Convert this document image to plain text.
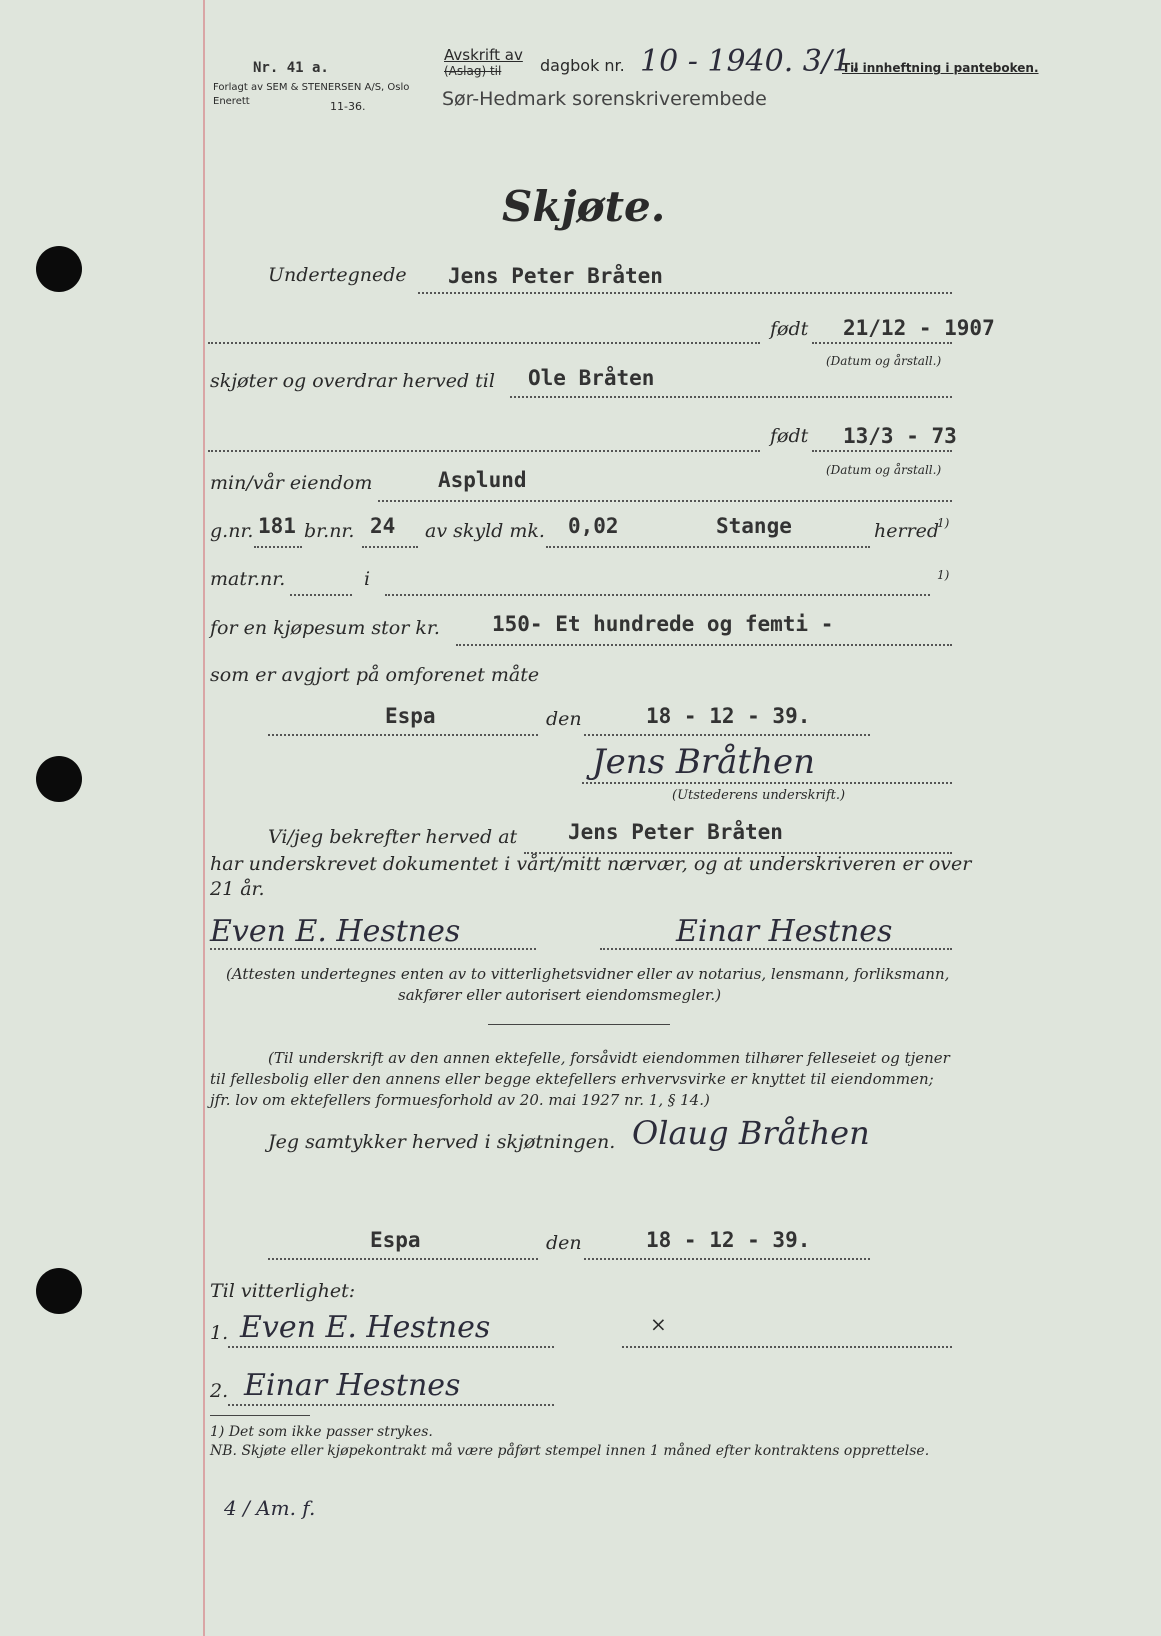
Nr. 41 a.
Forlagt av SEM & STENERSEN A/S, Oslo
Enerett	11-36.
Avskrift av
(Aslag) til dagbok nr. 10 - 1940. 3/1.
Til innheftning i panteboken.
Sør-Hedmark sorenskriverembede
Skjøte.
Undertegnede Jens Peter Bråten
født 21/12 - 1907
(Datum og årstall.)
skjøter og overdrar herved til Ole Bråten
født 13/3 - 73
(Datum og årstall.)
min/vår eiendom	Asplund
g.nr. 181 br.nr. 24 av skyld mk. 0,02	Stange	herred
1)
matr.nr.	i	1)
for en kjøpesum stor kr. 150- Et hundrede og femti -
som er avgjort på omforenet måte
Espa	den	18 - 12 - 39.
Jens Bråthen
(Utstederens underskrift.)
Vi/jeg bekrefter herved at Jens Peter Bråten
har underskrevet dokumentet i vårt/mitt nærvær, og at underskriveren er over
21 år.
Even E. Hestnes	Einar Hestnes
(Attesten undertegnes enten av to vitterlighetsvidner eller av notarius, lensmann, forliksmann,
sakfører eller autorisert eiendomsmegler.)
(Til underskrift av den annen ektefelle, forsåvidt eiendommen tilhører felleseiet og tjener
til fellesbolig eller den annens eller begge ektefellers erhvervsvirke er knyttet til eiendommen;
jfr. lov om ektefellers formuesforhold av 20. mai 1927 nr. 1, § 14.)
Jeg samtykker herved i skjøtningen. Olaug Bråthen
Espa	den	18 - 12 - 39.
Til vitterlighet:
1. Even E. Hestnes	×
2. Einar Hestnes
1) Det som ikke passer strykes.
NB. Skjøte eller kjøpekontrakt må være påført stempel innen 1 måned efter kontraktens opprettelse.
4 / Am. f.
